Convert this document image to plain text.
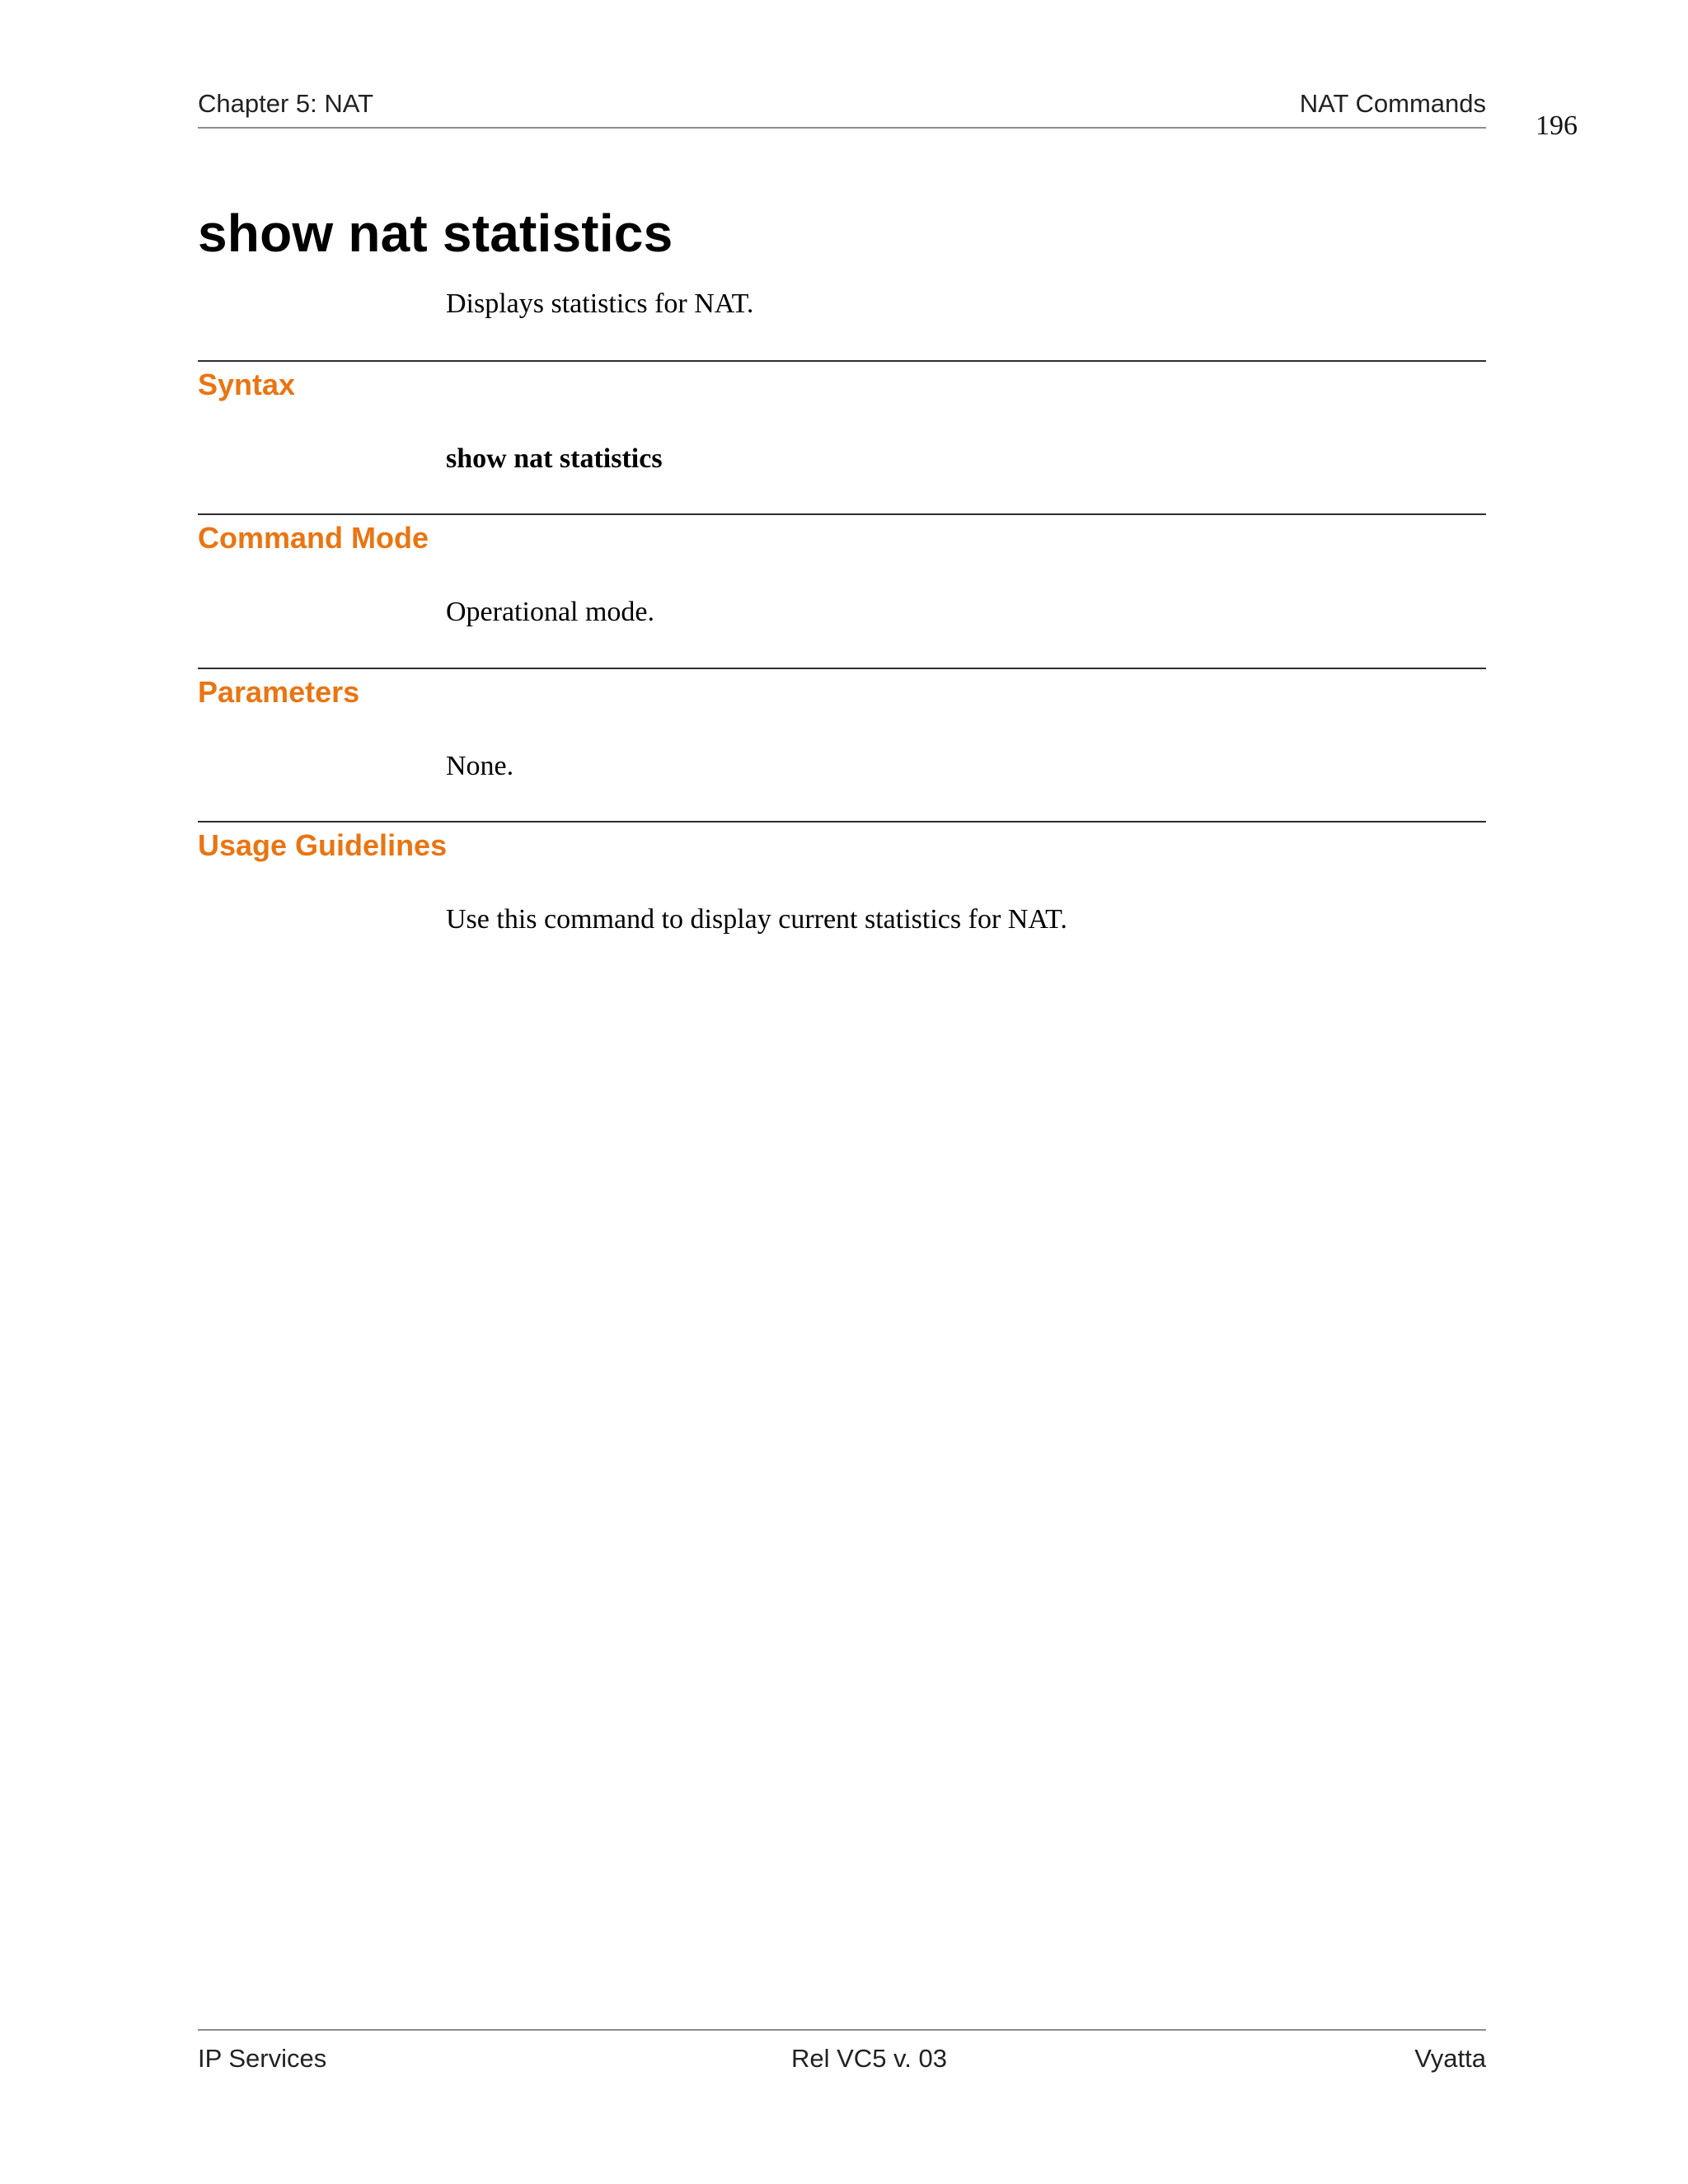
Chapter 5: NAT	NAT Commands
196
show nat statistics
Displays statistics for NAT.
Syntax
show nat statistics
Command Mode
Operational mode.
Parameters
None.
Usage Guidelines
Use this command to display current statistics for NAT.
IP Services	Rel VC5 v. 03	Vyatta
